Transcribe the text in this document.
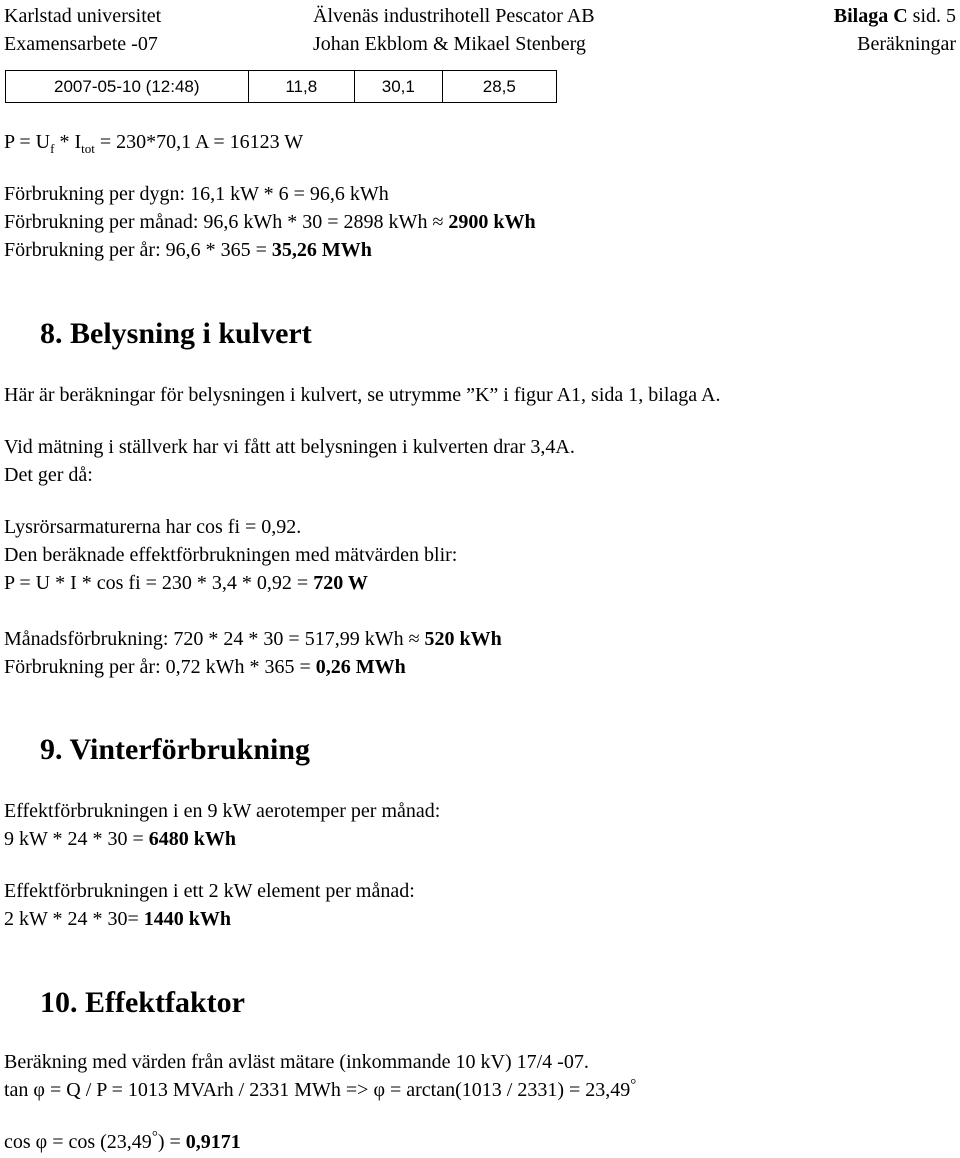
Karlstad universitet	Älvenäs industrihotell Pescator AB	Bilaga C sid. 5
Examensarbete -07	Johan Ekblom & Mikael Stenberg	Beräkningar
2007-05-10 (12:48)	11,8	30,1	28,5
$P = U_f * I_{tot} = 230*70,1$ A = 16123 W
Förbrukning per dygn: 16,1 kW * 6 = 96,6 kWh
Förbrukning per månad: 96,6 kWh * 30 = 2898 kWh ≈ 2900 kWh
Förbrukning per år: 96,6 * 365 = 35,26 MWh
8. Belysning i kulvert
Här är beräkningar för belysningen i kulvert, se utrymme ”K” i figur A1, sida 1, bilaga A.
Vid mätning i ställverk har vi fått att belysningen i kulverten drar 3,4A.
Det ger då:
Lysrörsarmaturerna har cos fi = 0,92.
Den beräknade effektförbrukningen med mätvärden blir:
P = U * I * cos fi = 230 * 3,4 * 0,92 = 720 W
Månadsförbrukning: 720 * 24 * 30 = 517,99 kWh ≈ 520 kWh
Förbrukning per år: 0,72 kWh * 365 = 0,26 MWh
9. Vinterförbrukning
Effektförbrukningen i en 9 kW aerotemper per månad:
9 kW * 24 * 30 = 6480 kWh
Effektförbrukningen i ett 2 kW element per månad:
2 kW * 24 * 30= 1440 kWh
10. Effektfaktor
Beräkning med värden från avläst mätare (inkommande 10 kV) 17/4 -07.
tan φ = Q / P = 1013 MVArh / 2331 MWh => φ = arctan(1013 / 2331) = 23,49°
cos φ = cos (23,49°) = 0,9171
